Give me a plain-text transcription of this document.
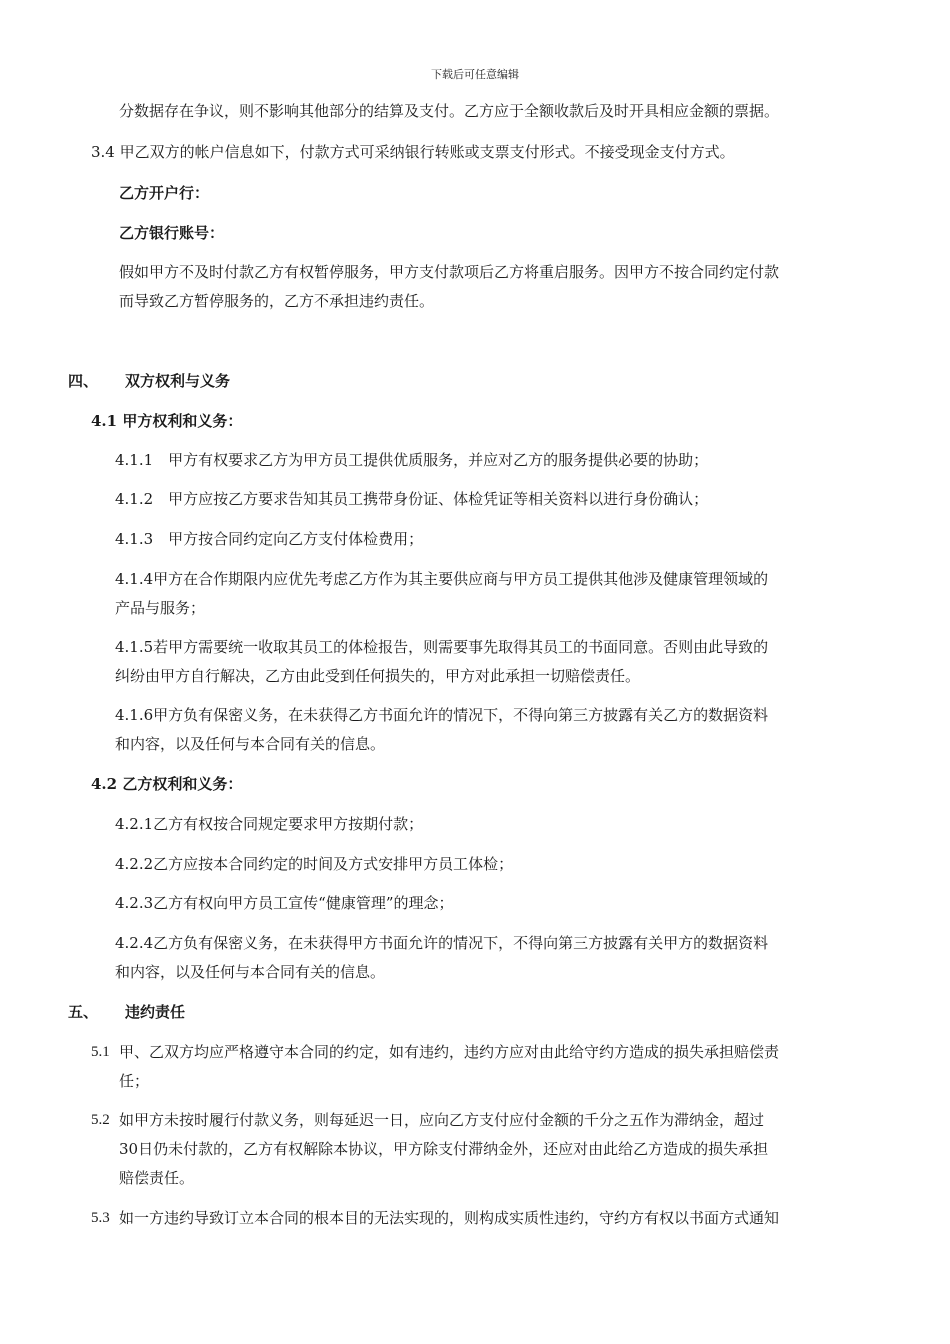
下载后可任意编辑
分数据存在争议，则不影响其他部分的结算及支付。乙方应于全额收款后及时开具相应金额的票据。
3.4 甲乙双方的帐户信息如下，付款方式可采纳银行转账或支票支付形式。不接受现金支付方式。
乙方开户行：
乙方银行账号：
假如甲方不及时付款乙方有权暂停服务，甲方支付款项后乙方将重启服务。因甲方不按合同约定付款
而导致乙方暂停服务的，乙方不承担违约责任。
四、 双方权利与义务
4.1 甲方权利和义务：
4.1.1　甲方有权要求乙方为甲方员工提供优质服务，并应对乙方的服务提供必要的协助；
4.1.2　甲方应按乙方要求告知其员工携带身份证、体检凭证等相关资料以进行身份确认；
4.1.3　甲方按合同约定向乙方支付体检费用；
4.1.4甲方在合作期限内应优先考虑乙方作为其主要供应商与甲方员工提供其他涉及健康管理领域的
产品与服务；
4.1.5若甲方需要统一收取其员工的体检报告，则需要事先取得其员工的书面同意。否则由此导致的
纠纷由甲方自行解决，乙方由此受到任何损失的，甲方对此承担一切赔偿责任。
4.1.6甲方负有保密义务，在未获得乙方书面允许的情况下，不得向第三方披露有关乙方的数据资料
和内容，以及任何与本合同有关的信息。
4.2 乙方权利和义务：
4.2.1乙方有权按合同规定要求甲方按期付款；
4.2.2乙方应按本合同约定的时间及方式安排甲方员工体检；
4.2.3乙方有权向甲方员工宣传“健康管理”的理念；
4.2.4乙方负有保密义务，在未获得甲方书面允许的情况下，不得向第三方披露有关甲方的数据资料
和内容，以及任何与本合同有关的信息。
五、 违约责任
5.1 甲、乙双方均应严格遵守本合同的约定，如有违约，违约方应对由此给守约方造成的损失承担赔偿责
任；
5.2 如甲方未按时履行付款义务，则每延迟一日，应向乙方支付应付金额的千分之五作为滞纳金，超过
30日仍未付款的，乙方有权解除本协议，甲方除支付滞纳金外，还应对由此给乙方造成的损失承担
赔偿责任。
5.3 如一方违约导致订立本合同的根本目的无法实现的，则构成实质性违约，守约方有权以书面方式通知
